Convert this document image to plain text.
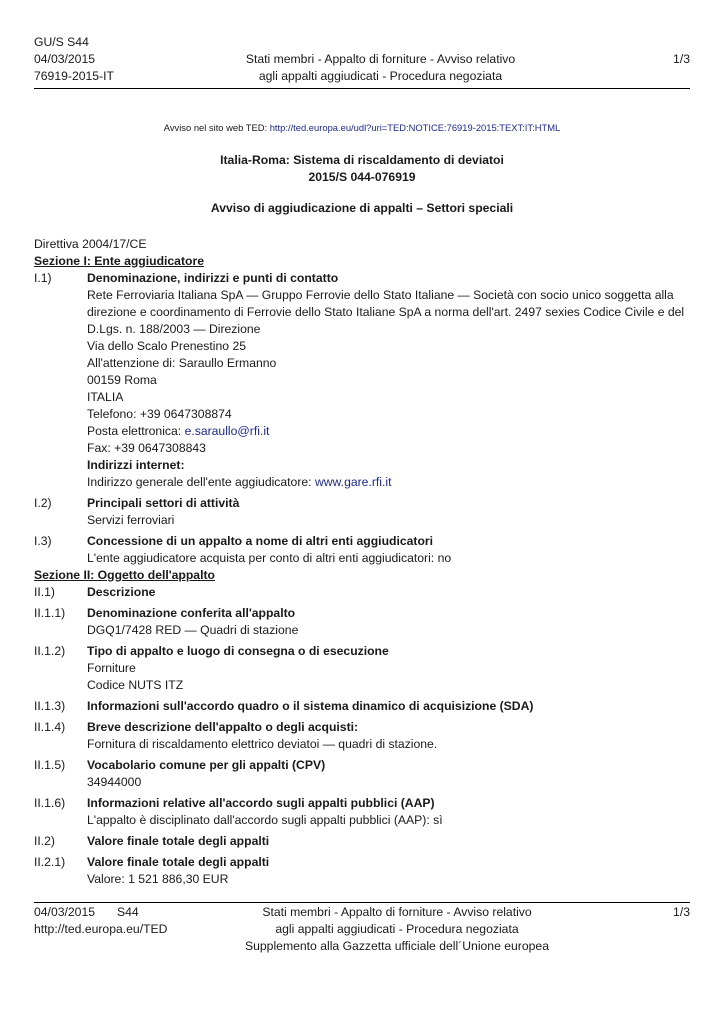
GU/S S44
04/03/2015
76919-2015-IT
Stati membri - Appalto di forniture - Avviso relativo
agli appalti aggiudicati - Procedura negoziata
1/3
Avviso nel sito web TED: http://ted.europa.eu/udl?uri=TED:NOTICE:76919-2015:TEXT:IT:HTML
Italia-Roma: Sistema di riscaldamento di deviatoi
2015/S 044-076919
Avviso di aggiudicazione di appalti – Settori speciali
Direttiva 2004/17/CE
Sezione I: Ente aggiudicatore
I.1)	Denominazione, indirizzi e punti di contatto
Rete Ferroviaria Italiana SpA — Gruppo Ferrovie dello Stato Italiane — Società con socio unico soggetta alla direzione e coordinamento di Ferrovie dello Stato Italiane SpA a norma dell'art. 2497 sexies Codice Civile e del D.Lgs. n. 188/2003 — Direzione
Via dello Scalo Prenestino 25
All'attenzione di: Saraullo Ermanno
00159 Roma
ITALIA
Telefono: +39 0647308874
Posta elettronica: e.saraullo@rfi.it
Fax: +39 0647308843
Indirizzi internet:
Indirizzo generale dell'ente aggiudicatore: www.gare.rfi.it
I.2)	Principali settori di attività
Servizi ferroviari
I.3)	Concessione di un appalto a nome di altri enti aggiudicatori
L'ente aggiudicatore acquista per conto di altri enti aggiudicatori: no
Sezione II: Oggetto dell'appalto
II.1)	Descrizione
II.1.1)	Denominazione conferita all'appalto
DGQ1/7428 RED — Quadri di stazione
II.1.2)	Tipo di appalto e luogo di consegna o di esecuzione
Forniture
Codice NUTS ITZ
II.1.3)	Informazioni sull'accordo quadro o il sistema dinamico di acquisizione (SDA)
II.1.4)	Breve descrizione dell'appalto o degli acquisti:
Fornitura di riscaldamento elettrico deviatoi — quadri di stazione.
II.1.5)	Vocabolario comune per gli appalti (CPV)
34944000
II.1.6)	Informazioni relative all'accordo sugli appalti pubblici (AAP)
L'appalto è disciplinato dall'accordo sugli appalti pubblici (AAP): sì
II.2)	Valore finale totale degli appalti
II.2.1)	Valore finale totale degli appalti
Valore: 1 521 886,30 EUR
04/03/2015 S44
http://ted.europa.eu/TED
Stati membri - Appalto di forniture - Avviso relativo
agli appalti aggiudicati - Procedura negoziata
Supplemento alla Gazzetta ufficiale dell´Unione europea
1/3
